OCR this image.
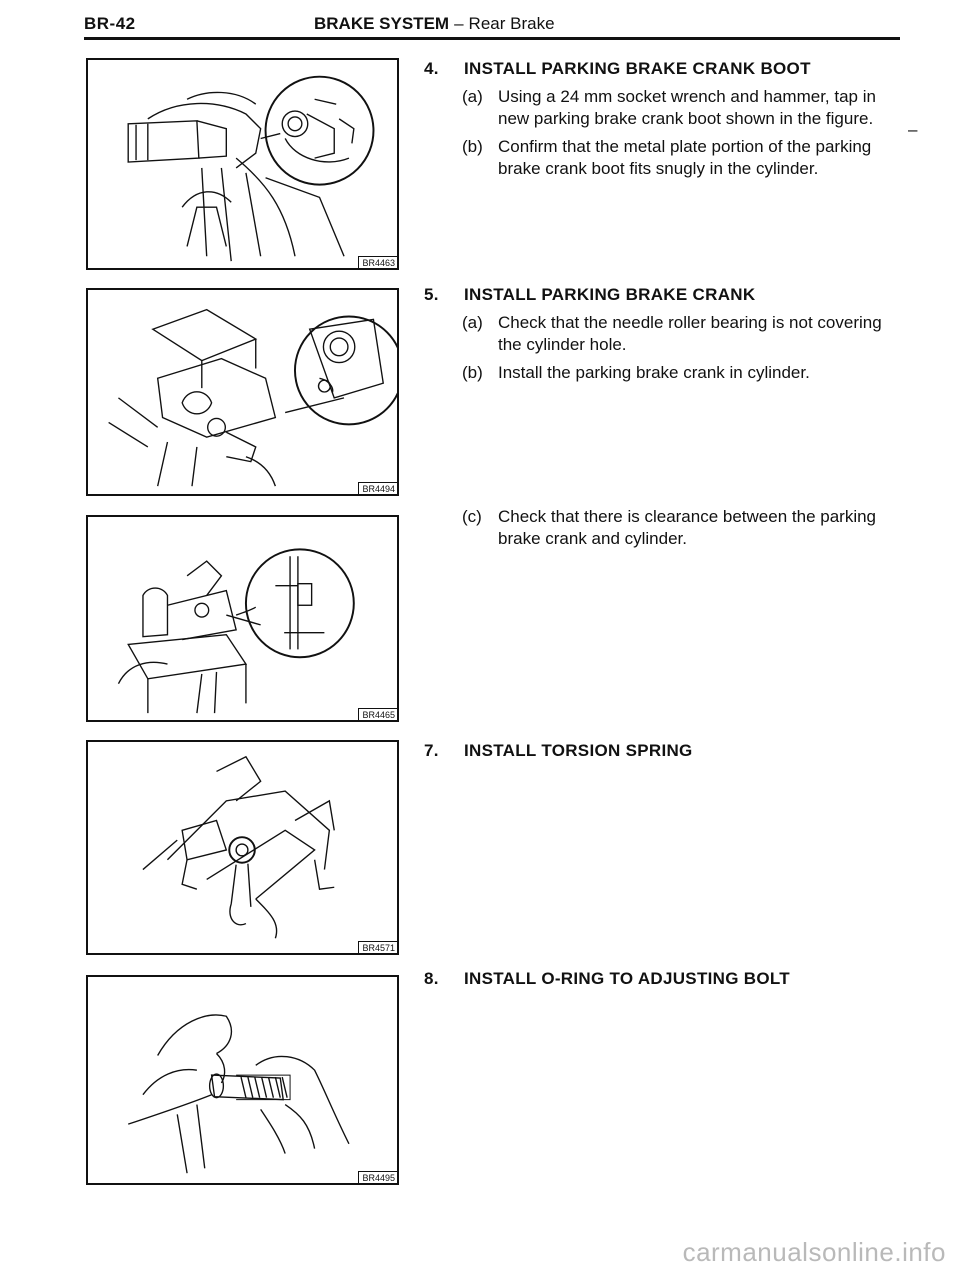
BR-42	BRAKE SYSTEM – Rear Brake
BR4463
BR4494
BR4465
BR4571
BR4495
4.	INSTALL PARKING BRAKE CRANK BOOT
(a) Using a 24 mm socket wrench and hammer, tap in new parking brake crank boot shown in the figure.
(b) Confirm that the metal plate portion of the parking brake crank boot fits snugly in the cylinder.
–
5.	INSTALL PARKING BRAKE CRANK
(a) Check that the needle roller bearing is not covering the cylinder hole.
(b) Install the parking brake crank in cylinder.
(c) Check that there is clearance between the parking brake crank and cylinder.
7.	INSTALL TORSION SPRING
8.	INSTALL O-RING TO ADJUSTING BOLT
carmanualsonline.info
